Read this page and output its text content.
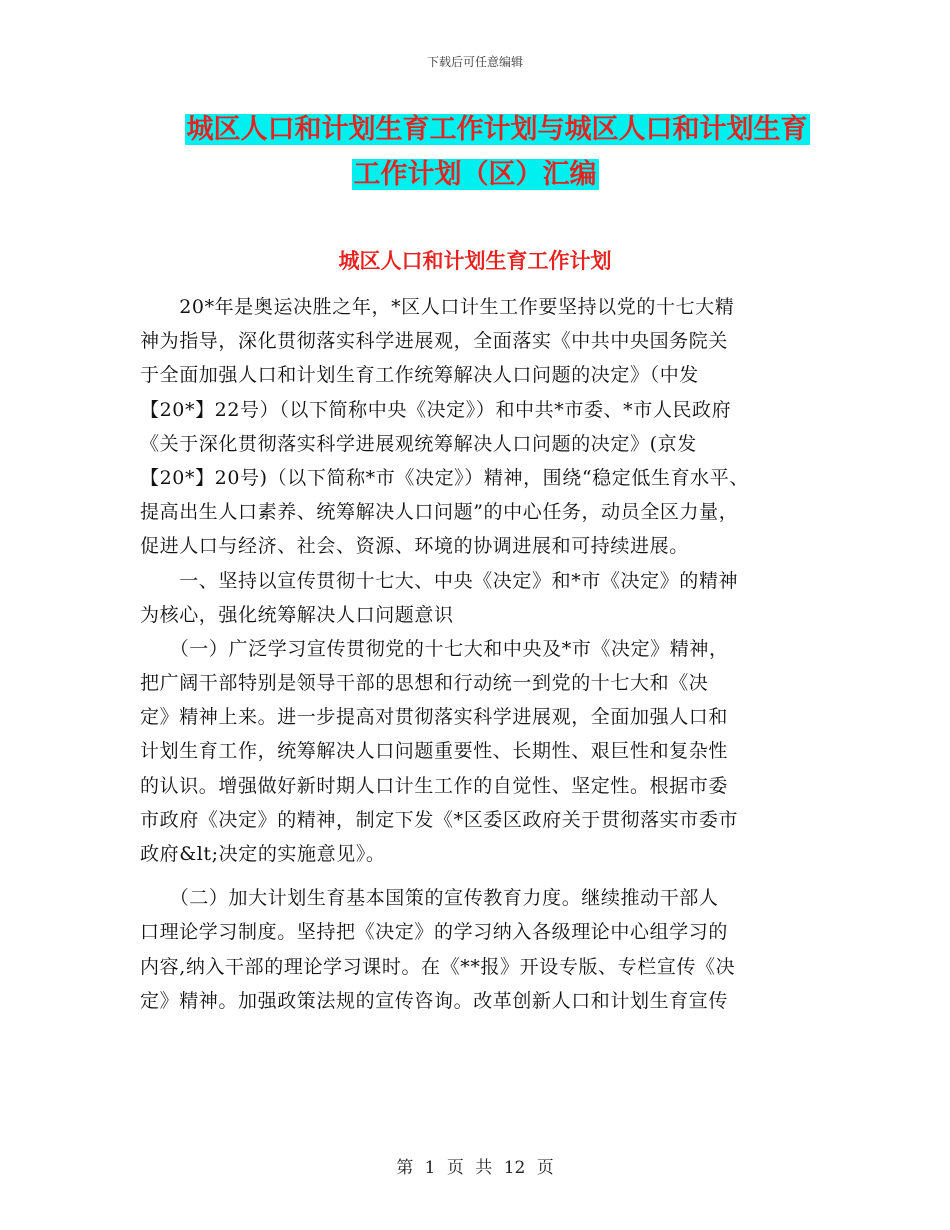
下载后可任意编辑
城区人口和计划生育工作计划与城区人口和计划生育
工作计划（区）汇编
城区人口和计划生育工作计划
　　20*年是奥运决胜之年，*区人口计生工作要坚持以党的十七大精
神为指导，深化贯彻落实科学进展观，全面落实《中共中央国务院关
于全面加强人口和计划生育工作统筹解决人口问题的决定》（中发
【20*】22号）（以下简称中央《决定》）和中共*市委、*市人民政府
《关于深化贯彻落实科学进展观统筹解决人口问题的决定》(京发
【20*】20号)（以下简称*市《决定》）精神，围绕“稳定低生育水平、
提高出生人口素养、统筹解决人口问题”的中心任务，动员全区力量，
促进人口与经济、社会、资源、环境的协调进展和可持续进展。
　　一、坚持以宣传贯彻十七大、中央《决定》和*市《决定》的精神
为核心，强化统筹解决人口问题意识
　　（一）广泛学习宣传贯彻党的十七大和中央及*市《决定》精神，
把广阔干部特别是领导干部的思想和行动统一到党的十七大和《决
定》精神上来。进一步提高对贯彻落实科学进展观，全面加强人口和
计划生育工作，统筹解决人口问题重要性、长期性、艰巨性和复杂性
的认识。增强做好新时期人口计生工作的自觉性、坚定性。根据市委
市政府《决定》的精神，制定下发《*区委区政府关于贯彻落实市委市
政府&lt;决定的实施意见》。
　　（二）加大计划生育基本国策的宣传教育力度。继续推动干部人
口理论学习制度。坚持把《决定》的学习纳入各级理论中心组学习的
内容,纳入干部的理论学习课时。在《**报》开设专版、专栏宣传《决
定》精神。加强政策法规的宣传咨询。改革创新人口和计划生育宣传
第 1 页 共 12 页
